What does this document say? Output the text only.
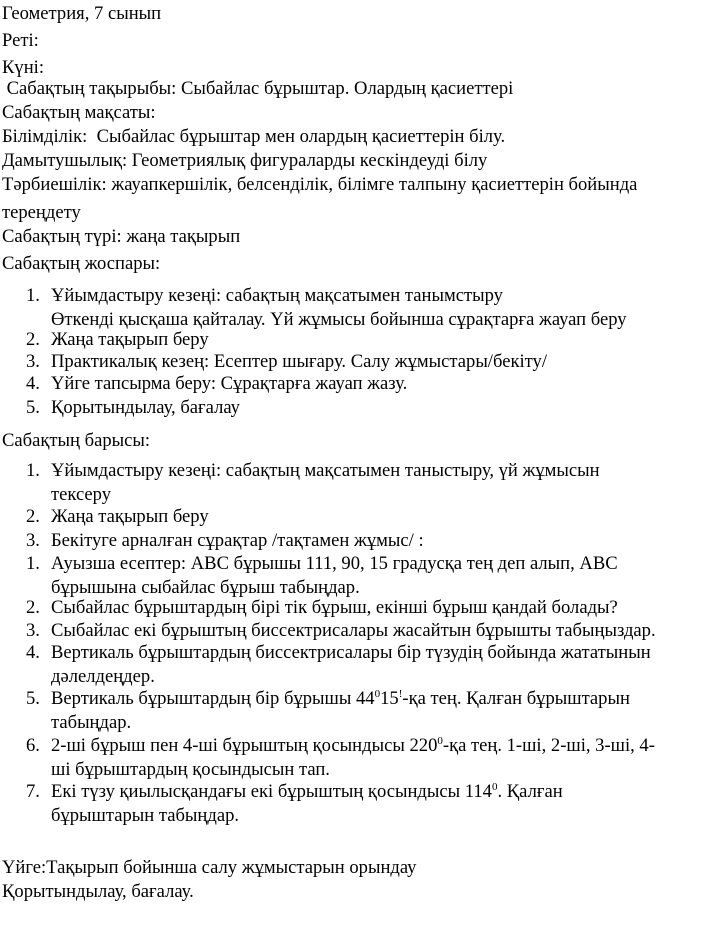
Геометрия, 7 сынып
Реті:
Күні:
Сабақтың тақырыбы: Сыбайлас бұрыштар. Олардың қасиеттері
Сабақтың мақсаты:
Білімділік:  Сыбайлас бұрыштар мен олардың қасиеттерін білу.
Дамытушылық: Геометриялық фигураларды кескіндеуді білу
Тәрбиешілік: жауапкершілік, белсенділік, білімге талпыну қасиеттерін бойында
тереңдету
Сабақтың түрі: жаңа тақырып
Сабақтың жоспары:
1. Ұйымдастыру кезеңі: сабақтың мақсатымен танымстыру
Өткенді қысқаша қайталау. Үй жұмысы бойынша сұрақтарға жауап беру
2. Жаңа тақырып беру
3. Практикалық кезең: Есептер шығару. Салу жұмыстары/бекіту/
4. Үйге тапсырма беру: Сұрақтарға жауап жазу.
5. Қорытындылау, бағалау
Сабақтың барысы:
1. Ұйымдастыру кезеңі: сабақтың мақсатымен таныстыру, үй жұмысын
тексеру
2. Жаңа тақырып беру
3. Бекітуге арналған сұрақтар /тақтамен жұмыс/ :
1. Ауызша есептер: АВС бұрышы 111, 90, 15 градусқа тең деп алып, АВС
бұрышына сыбайлас бұрыш табыңдар.
2. Сыбайлас бұрыштардың бірі тік бұрыш, екінші бұрыш қандай болады?
3. Сыбайлас екі бұрыштың биссектрисалары жасайтын бұрышты табыңыздар.
4. Вертикаль бұрыштардың биссектрисалары бір түзудің бойында жататынын
дәлелдеңдер.
5. Вертикаль бұрыштардың бір бұрышы $44^015^!-қа$ тең. Қалған бұрыштарын
табыңдар.
6. 2-ші бұрыш пен 4-ші бұрыштың қосындысы $220^0-қа$ тең. 1-ші, 2-ші, 3-ші, 4-
ші бұрыштардың қосындысын тап.
7. Екі түзу қиылысқандағы екі бұрыштың қосындысы $114^0$. Қалған
бұрыштарын табыңдар.
Үйге:Тақырып бойынша салу жұмыстарын орындау
Қорытындылау, бағалау.
